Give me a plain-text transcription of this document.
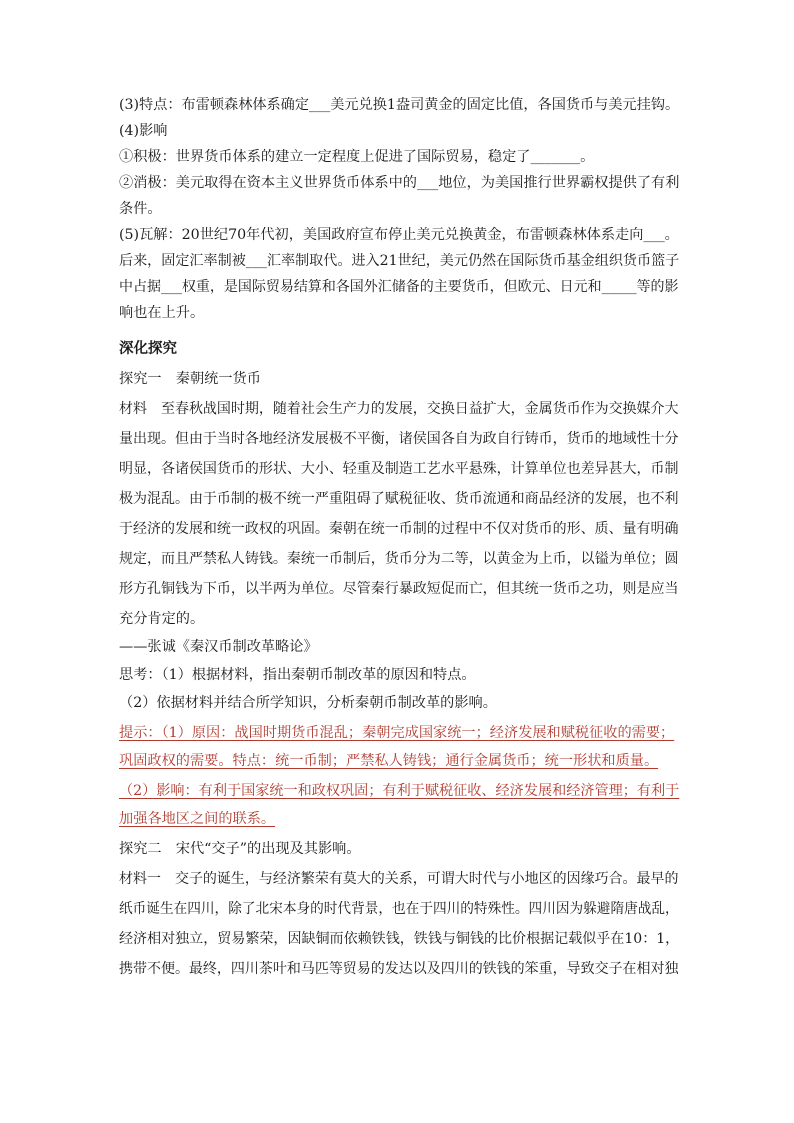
(3)特点：布雷顿森林体系确定___美元兑换1盎司黄金的固定比值，各国货币与美元挂钩。
(4)影响
①积极：世界货币体系的建立一定程度上促进了国际贸易，稳定了_______。
②消极：美元取得在资本主义世界货币体系中的___地位，为美国推行世界霸权提供了有利
条件。
(5)瓦解：20世纪70年代初，美国政府宣布停止美元兑换黄金，布雷顿森林体系走向___。
后来，固定汇率制被___汇率制取代。进入21世纪，美元仍然在国际货币基金组织货币篮子
中占据___权重，是国际贸易结算和各国外汇储备的主要货币，但欧元、日元和_____等的影
响也在上升。
深化探究
探究一　秦朝统一货币
材料　至春秋战国时期，随着社会生产力的发展，交换日益扩大，金属货币作为交换媒介大
量出现。但由于当时各地经济发展极不平衡，诸侯国各自为政自行铸币，货币的地域性十分
明显，各诸侯国货币的形状、大小、轻重及制造工艺水平悬殊，计算单位也差异甚大，币制
极为混乱。由于币制的极不统一严重阻碍了赋税征收、货币流通和商品经济的发展，也不利
于经济的发展和统一政权的巩固。秦朝在统一币制的过程中不仅对货币的形、质、量有明确
规定，而且严禁私人铸钱。秦统一币制后，货币分为二等，以黄金为上币，以镒为单位；圆
形方孔铜钱为下币，以半两为单位。尽管秦行暴政短促而亡，但其统一货币之功，则是应当
充分肯定的。
——张诚《秦汉币制改革略论》
思考：（1）根据材料，指出秦朝币制改革的原因和特点。
（2）依据材料并结合所学知识，分析秦朝币制改革的影响。
提示：（1）原因：战国时期货币混乱；秦朝完成国家统一；经济发展和赋税征收的需要；
巩固政权的需要。特点：统一币制；严禁私人铸钱；通行金属货币；统一形状和质量。
（2）影响：有利于国家统一和政权巩固；有利于赋税征收、经济发展和经济管理；有利于
加强各地区之间的联系。
探究二　宋代“交子”的出现及其影响。
材料一　交子的诞生，与经济繁荣有莫大的关系，可谓大时代与小地区的因缘巧合。最早的
纸币诞生在四川，除了北宋本身的时代背景，也在于四川的特殊性。四川因为躲避隋唐战乱，
经济相对独立，贸易繁荣，因缺铜而依赖铁钱，铁钱与铜钱的比价根据记载似乎在10：1，
携带不便。最终，四川茶叶和马匹等贸易的发达以及四川的铁钱的笨重，导致交子在相对独
